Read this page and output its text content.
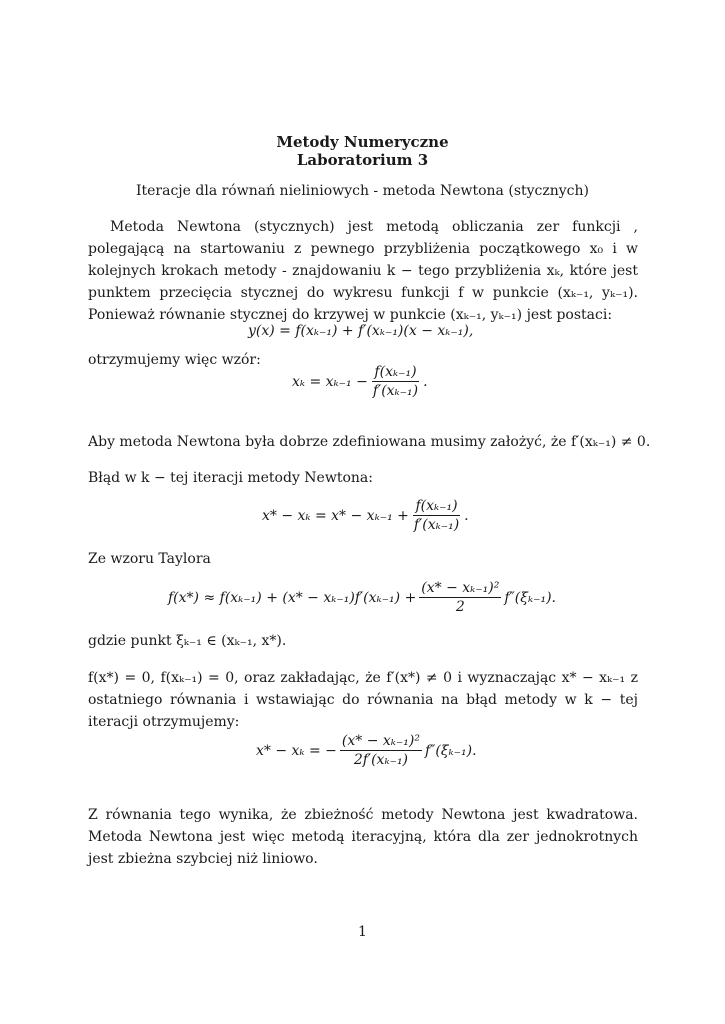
Metody Numeryczne
Laboratorium 3
Iteracje dla równań nieliniowych - metoda Newtona (stycznych)
Metoda Newtona (stycznych) jest metodą obliczania zer funkcji , polegającą na startowaniu z pewnego przybliżenia początkowego x₀ i w kolejnych krokach metody - znajdowaniu k − tego przybliżenia xₖ, które jest punktem przecięcia stycznej do wykresu funkcji f w punkcie (xₖ₋₁, yₖ₋₁). Ponieważ równanie stycznej do krzywej w punkcie (xₖ₋₁, yₖ₋₁) jest postaci:
y(x) = f(xₖ₋₁) + f′(xₖ₋₁)(x − xₖ₋₁),
otrzymujemy więc wzór:
$x_k = x_{k-1} - \frac{\text{f(xₖ₋₁)}}{\text{f′(xₖ₋₁)}}$ .
Aby metoda Newtona była dobrze zdefiniowana musimy założyć, że f′(xₖ₋₁) ≠ 0.
Błąd w k − tej iteracji metody Newtona:
$x* - x_k = x* - x_{k-1} + \frac{\text{f(xₖ₋₁)}}{\text{f′(xₖ₋₁)}}$ .
Ze wzoru Taylora
$f(x*) \approx f(x_{k-1}) + (x* - x_{k-1})f'(x_{k-1}) + \frac{\text{(x* − xₖ₋₁)²}}{2} f''(\xi_{k-1})$.
gdzie punkt ξₖ₋₁ ∈ (xₖ₋₁, x*).
f(x*) = 0, f(xₖ₋₁) = 0, oraz zakładając, że f′(x*) ≠ 0 i wyznaczając x* − xₖ₋₁ z ostatniego równania i wstawiając do równania na błąd metody w k − tej iteracji otrzymujemy:
x* − xₖ = − $\frac{\text{(x* − xₖ₋₁)²}}{\text{2f′(xₖ₋₁)}} f''(\xi_{k-1})$.
Z równania tego wynika, że zbieżność metody Newtona jest kwadratowa. Metoda Newtona jest więc metodą iteracyjną, która dla zer jednokrotnych jest zbieżna szybciej niż liniowo.
1
